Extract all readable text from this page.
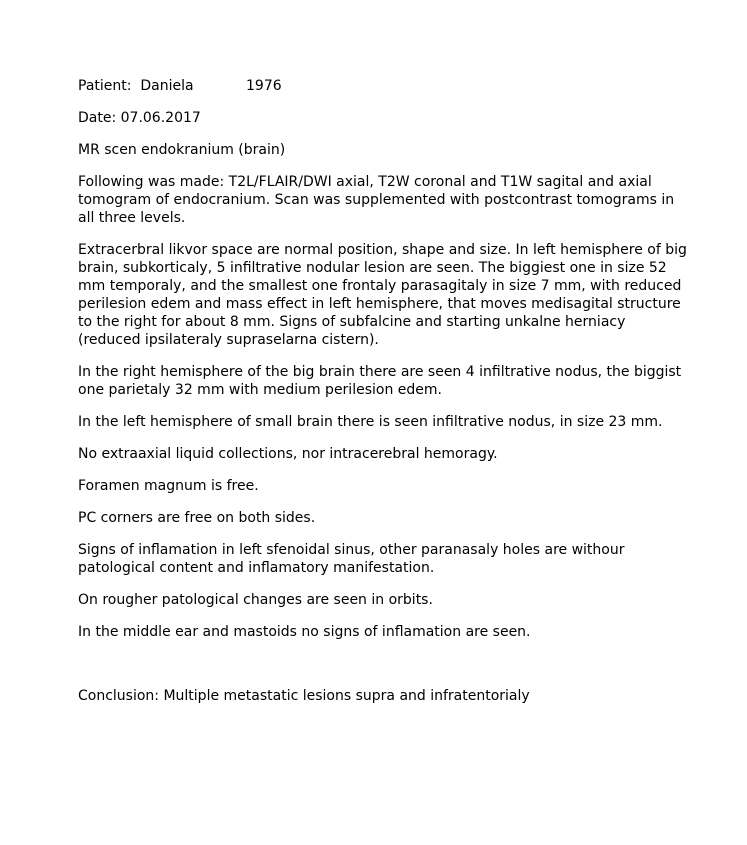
Patient:  Daniela	1976

Date: 07.06.2017

MR scen endokranium (brain)

Following was made: T2L/FLAIR/DWI axial, T2W coronal and T1W sagital and axial tomogram of endocranium. Scan was supplemented with postcontrast tomograms in all three levels.

Extracerbral likvor space are normal position, shape and size. In left hemisphere of big brain, subkorticaly, 5 infiltrative nodular lesion are seen. The biggiest one in size 52 mm temporaly, and the smallest one frontaly parasagitaly in size 7 mm, with reduced perilesion edem and mass effect in left hemisphere, that moves medisagital structure to the right for about 8 mm. Signs of subfalcine and starting unkalne herniacy (reduced ipsilateraly supraselarna cistern).

In the right hemisphere of the big brain there are seen 4 infiltrative nodus, the biggist one parietaly 32 mm with medium perilesion edem.

In the left hemisphere of small brain there is seen infiltrative nodus, in size 23 mm.

No extraaxial liquid collections, nor intracerebral hemoragy.

Foramen magnum is free.

PC corners are free on both sides.

Signs of inflamation in left sfenoidal sinus, other paranasaly holes are withour patological content and inflamatory manifestation.

On rougher patological changes are seen in orbits.

In the middle ear and mastoids no signs of inflamation are seen.

Conclusion: Multiple metastatic lesions supra and infratentorialy
